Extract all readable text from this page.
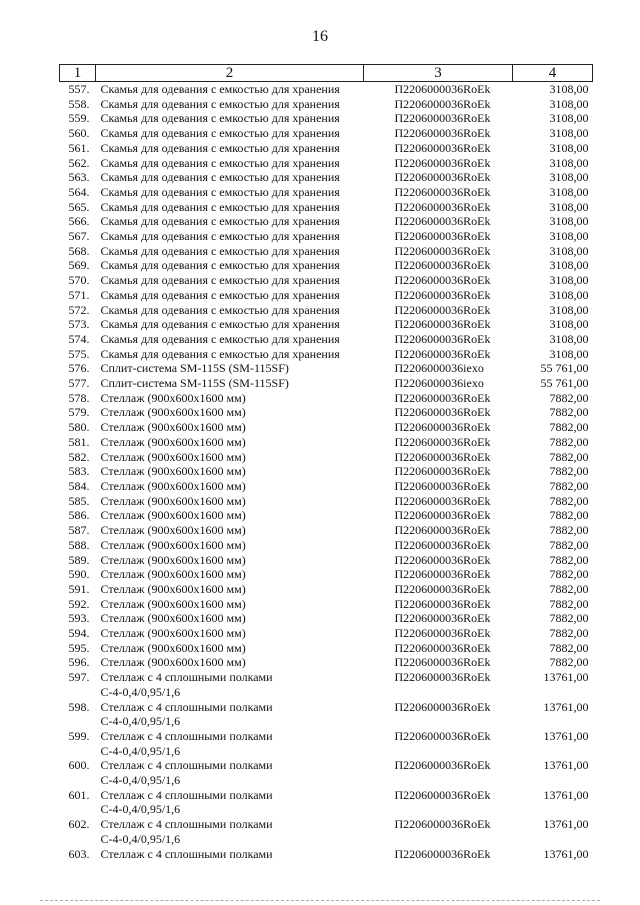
16
1	2	3	4
557.	Скамья для одевания с емкостью для хранения	П2206000036RoEk	3108,00
558.	Скамья для одевания с емкостью для хранения	П2206000036RoEk	3108,00
559.	Скамья для одевания с емкостью для хранения	П2206000036RoEk	3108,00
560.	Скамья для одевания с емкостью для хранения	П2206000036RoEk	3108,00
561.	Скамья для одевания с емкостью для хранения	П2206000036RoEk	3108,00
562.	Скамья для одевания с емкостью для хранения	П2206000036RoEk	3108,00
563.	Скамья для одевания с емкостью для хранения	П2206000036RoEk	3108,00
564.	Скамья для одевания с емкостью для хранения	П2206000036RoEk	3108,00
565.	Скамья для одевания с емкостью для хранения	П2206000036RoEk	3108,00
566.	Скамья для одевания с емкостью для хранения	П2206000036RoEk	3108,00
567.	Скамья для одевания с емкостью для хранения	П2206000036RoEk	3108,00
568.	Скамья для одевания с емкостью для хранения	П2206000036RoEk	3108,00
569.	Скамья для одевания с емкостью для хранения	П2206000036RoEk	3108,00
570.	Скамья для одевания с емкостью для хранения	П2206000036RoEk	3108,00
571.	Скамья для одевания с емкостью для хранения	П2206000036RoEk	3108,00
572.	Скамья для одевания с емкостью для хранения	П2206000036RoEk	3108,00
573.	Скамья для одевания с емкостью для хранения	П2206000036RoEk	3108,00
574.	Скамья для одевания с емкостью для хранения	П2206000036RoEk	3108,00
575.	Скамья для одевания с емкостью для хранения	П2206000036RoEk	3108,00
576.	Сплит-система SM-115S (SM-115SF)	П2206000036iexo	55 761,00
577.	Сплит-система SM-115S (SM-115SF)	П2206000036iexo	55 761,00
578.	Стеллаж (900x600x1600 мм)	П2206000036RoEk	7882,00
579.	Стеллаж (900x600x1600 мм)	П2206000036RoEk	7882,00
580.	Стеллаж (900x600x1600 мм)	П2206000036RoEk	7882,00
581.	Стеллаж (900x600x1600 мм)	П2206000036RoEk	7882,00
582.	Стеллаж (900x600x1600 мм)	П2206000036RoEk	7882,00
583.	Стеллаж (900x600x1600 мм)	П2206000036RoEk	7882,00
584.	Стеллаж (900x600x1600 мм)	П2206000036RoEk	7882,00
585.	Стеллаж (900x600x1600 мм)	П2206000036RoEk	7882,00
586.	Стеллаж (900x600x1600 мм)	П2206000036RoEk	7882,00
587.	Стеллаж (900x600x1600 мм)	П2206000036RoEk	7882,00
588.	Стеллаж (900x600x1600 мм)	П2206000036RoEk	7882,00
589.	Стеллаж (900x600x1600 мм)	П2206000036RoEk	7882,00
590.	Стеллаж (900x600x1600 мм)	П2206000036RoEk	7882,00
591.	Стеллаж (900x600x1600 мм)	П2206000036RoEk	7882,00
592.	Стеллаж (900x600x1600 мм)	П2206000036RoEk	7882,00
593.	Стеллаж (900x600x1600 мм)	П2206000036RoEk	7882,00
594.	Стеллаж (900x600x1600 мм)	П2206000036RoEk	7882,00
595.	Стеллаж (900x600x1600 мм)	П2206000036RoEk	7882,00
596.	Стеллаж (900x600x1600 мм)	П2206000036RoEk	7882,00
597.	Стеллаж с 4 сплошными полками
С-4-0,4/0,95/1,6	П2206000036RoEk	13761,00
598.	Стеллаж с 4 сплошными полками
С-4-0,4/0,95/1,6	П2206000036RoEk	13761,00
599.	Стеллаж с 4 сплошными полками
С-4-0,4/0,95/1,6	П2206000036RoEk	13761,00
600.	Стеллаж с 4 сплошными полками
С-4-0,4/0,95/1,6	П2206000036RoEk	13761,00
601.	Стеллаж с 4 сплошными полками
С-4-0,4/0,95/1,6	П2206000036RoEk	13761,00
602.	Стеллаж с 4 сплошными полками
С-4-0,4/0,95/1,6	П2206000036RoEk	13761,00
603.	Стеллаж с 4 сплошными полками	П2206000036RoEk	13761,00
